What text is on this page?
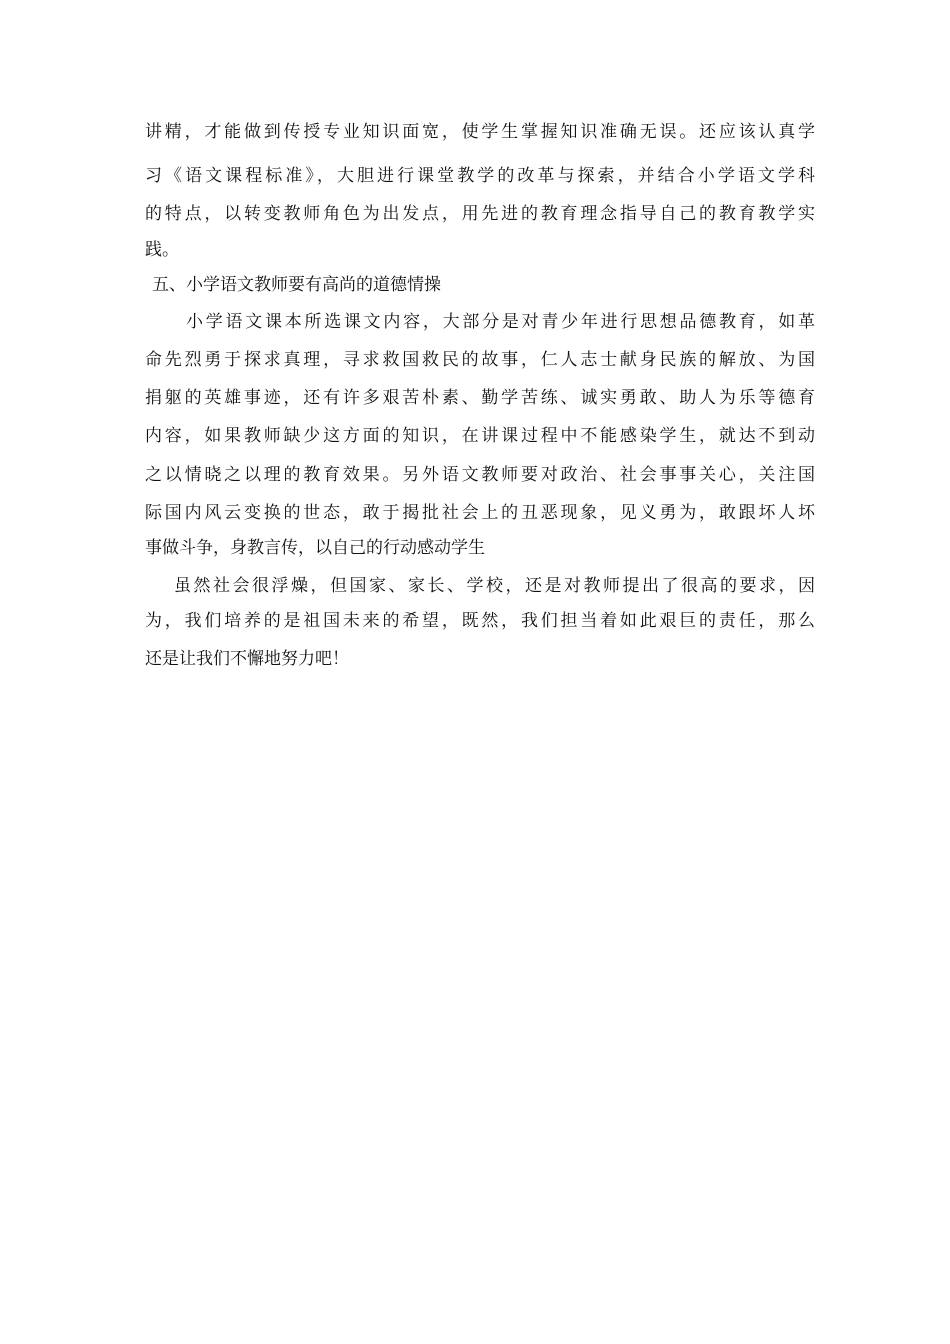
讲精，才能做到传授专业知识面宽，使学生掌握知识准确无误。还应该认真学
习《语文课程标准》，大胆进行课堂教学的改革与探索，并结合小学语文学科
的特点，以转变教师角色为出发点，用先进的教育理念指导自己的教育教学实
践。
五、小学语文教师要有高尚的道德情操
小学语文课本所选课文内容，大部分是对青少年进行思想品德教育，如革
命先烈勇于探求真理，寻求救国救民的故事，仁人志士献身民族的解放、为国
捐躯的英雄事迹，还有许多艰苦朴素、勤学苦练、诚实勇敢、助人为乐等德育
内容，如果教师缺少这方面的知识，在讲课过程中不能感染学生，就达不到动
之以情晓之以理的教育效果。另外语文教师要对政治、社会事事关心，关注国
际国内风云变换的世态，敢于揭批社会上的丑恶现象，见义勇为，敢跟坏人坏
事做斗争，身教言传，以自己的行动感动学生
虽然社会很浮燥，但国家、家长、学校，还是对教师提出了很高的要求，因
为，我们培养的是祖国未来的希望，既然，我们担当着如此艰巨的责任，那么
还是让我们不懈地努力吧！
